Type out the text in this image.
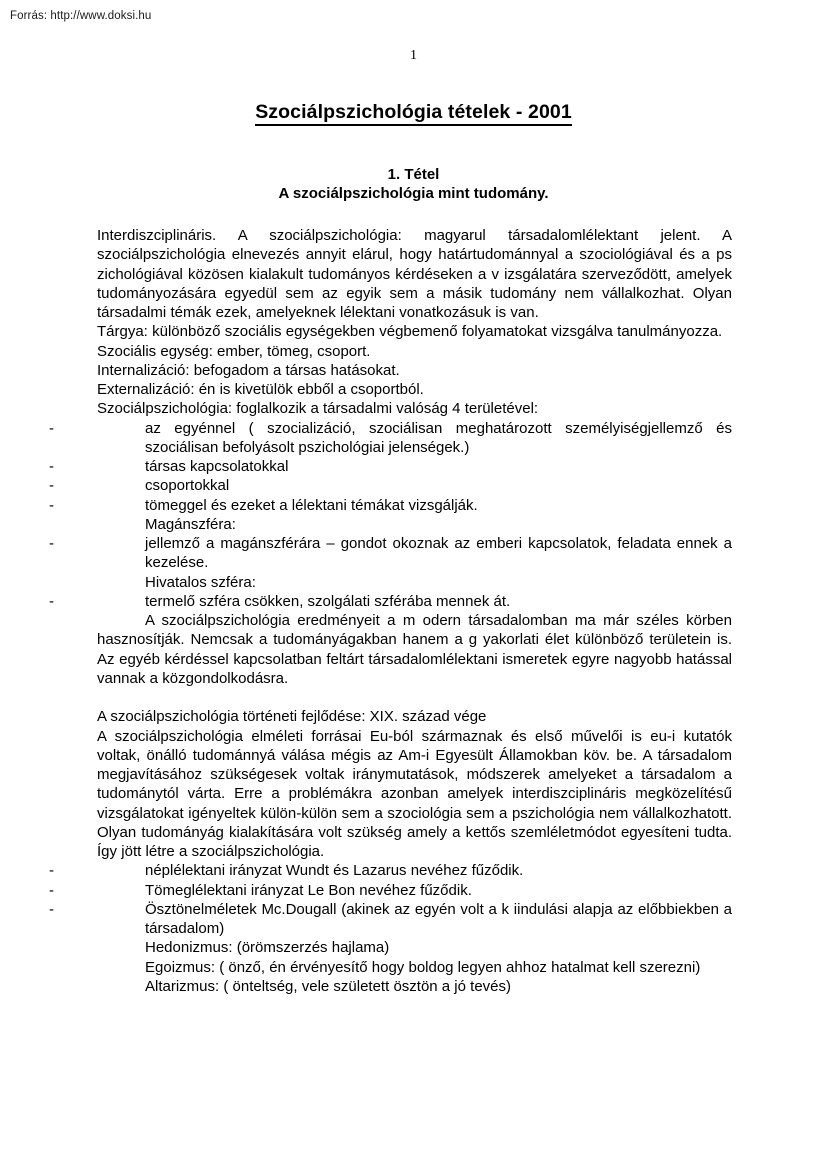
Forrás: http://www.doksi.hu
1
Szociálpszichológia tételek - 2001
1. Tétel
A szociálpszichológia mint tudomány.

Interdiszciplináris. A szociálpszichológia: magyarul társadalomlélektant jelent. A szociálpszichológia elnevezés annyit elárul, hogy határtudománnyal a szociológiával és a ps zichológiával közösen kialakult tudományos kérdéseken a v izsgálatára szerveződött, amelyek tudományozására egyedül sem az egyik sem a másik tudomány nem vállalkozhat. Olyan társadalmi témák ezek, amelyeknek lélektani vonatkozásuk is van.

Tárgya: különböző szociális egységekben végbemenő folyamatokat vizsgálva tanulmányozza.

Szociális egység: ember, tömeg, csoport.

Internalizáció: befogadom a társas hatásokat.

Externalizáció: én is kivetülök ebből a csoportból.

Szociálpszichológia: foglalkozik a társadalmi valóság 4 területével:

-	az egyénnel ( szocializáció, szociálisan meghatározott személyiségjellemző és szociálisan befolyásolt pszichológiai jelenségek.)

-	társas kapcsolatokkal

-	csoportokkal

-	tömeggel és ezeket a lélektani témákat vizsgálják.

Magánszféra:

-	jellemző a magánszférára – gondot okoznak az emberi kapcsolatok, feladata ennek a kezelése.

Hivatalos szféra:

-	termelő szféra csökken, szolgálati szférába mennek át.

A szociálpszichológia eredményeit a m odern társadalomban ma már széles körben hasznosítják. Nemcsak a tudományágakban hanem a g yakorlati élet különböző területein is. Az egyéb kérdéssel kapcsolatban feltárt társadalomlélektani ismeretek egyre nagyobb hatással vannak a közgondolkodásra.

A szociálpszichológia történeti fejlődése: XIX. század vége

A szociálpszichológia elméleti forrásai Eu-ból származnak és első művelői is eu-i kutatók voltak, önálló tudománnyá válása mégis az Am-i Egyesült Államokban köv. be. A társadalom megjavításához szükségesek voltak iránymutatások, módszerek amelyeket a társadalom a tudománytól várta. Erre a problémákra azonban amelyek interdiszciplináris megközelítésű vizsgálatokat igényeltek külön-külön sem a szociológia sem a pszichológia nem vállalkozhatott. Olyan tudományág kialakítására volt szükség amely a kettős szemléletmódot egyesíteni tudta. Így jött létre a szociálpszichológia.

-	néplélektani irányzat Wundt és Lazarus nevéhez fűződik.

-	Tömeglélektani irányzat Le Bon nevéhez fűződik.

-	Ösztönelméletek Mc.Dougall (akinek az egyén volt a k iindulási alapja az előbbiekben a társadalom)

Hedonizmus: (örömszerzés hajlama)

Egoizmus: ( önző, én érvényesítő hogy boldog legyen ahhoz hatalmat kell szerezni)

Altarizmus: ( önteltség, vele született ösztön a jó tevés)
